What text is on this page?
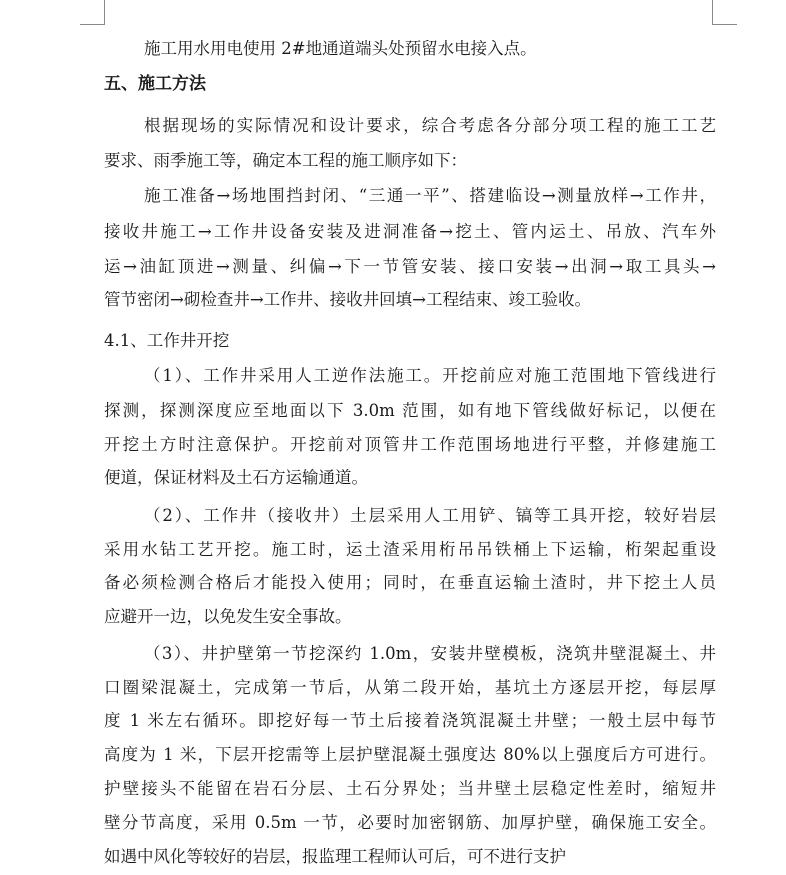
施工用水用电使用 2#地通道端头处预留水电接入点。
五、施工方法
根据现场的实际情况和设计要求，综合考虑各分部分项工程的施工工艺
要求、雨季施工等，确定本工程的施工顺序如下：
施工准备→场地围挡封闭、“三通一平”、搭建临设→测量放样→工作井，
接收井施工→工作井设备安装及进洞准备→挖土、管内运土、吊放、汽车外
运→油缸顶进→测量、纠偏→下一节管安装、接口安装→出洞→取工具头→
管节密闭→砌检查井→工作井、接收井回填→工程结束、竣工验收。
4.1、工作井开挖
（1）、工作井采用人工逆作法施工。开挖前应对施工范围地下管线进行
探测，探测深度应至地面以下 3.0m 范围，如有地下管线做好标记，以便在
开挖土方时注意保护。开挖前对顶管井工作范围场地进行平整，并修建施工
便道，保证材料及土石方运输通道。
（2）、工作井（接收井）土层采用人工用铲、镐等工具开挖，较好岩层
采用水钻工艺开挖。施工时，运土渣采用桁吊吊铁桶上下运输，桁架起重设
备必须检测合格后才能投入使用；同时，在垂直运输土渣时，井下挖土人员
应避开一边，以免发生安全事故。
（3）、井护壁第一节挖深约 1.0m，安装井壁模板，浇筑井壁混凝土、井
口圈梁混凝土，完成第一节后，从第二段开始，基坑土方逐层开挖，每层厚
度 1 米左右循环。即挖好每一节土后接着浇筑混凝土井壁；一般土层中每节
高度为 1 米，下层开挖需等上层护壁混凝土强度达 80%以上强度后方可进行。
护壁接头不能留在岩石分层、土石分界处；当井壁土层稳定性差时，缩短井
壁分节高度，采用 0.5m 一节，必要时加密钢筋、加厚护壁，确保施工安全。
如遇中风化等较好的岩层，报监理工程师认可后，可不进行支护
